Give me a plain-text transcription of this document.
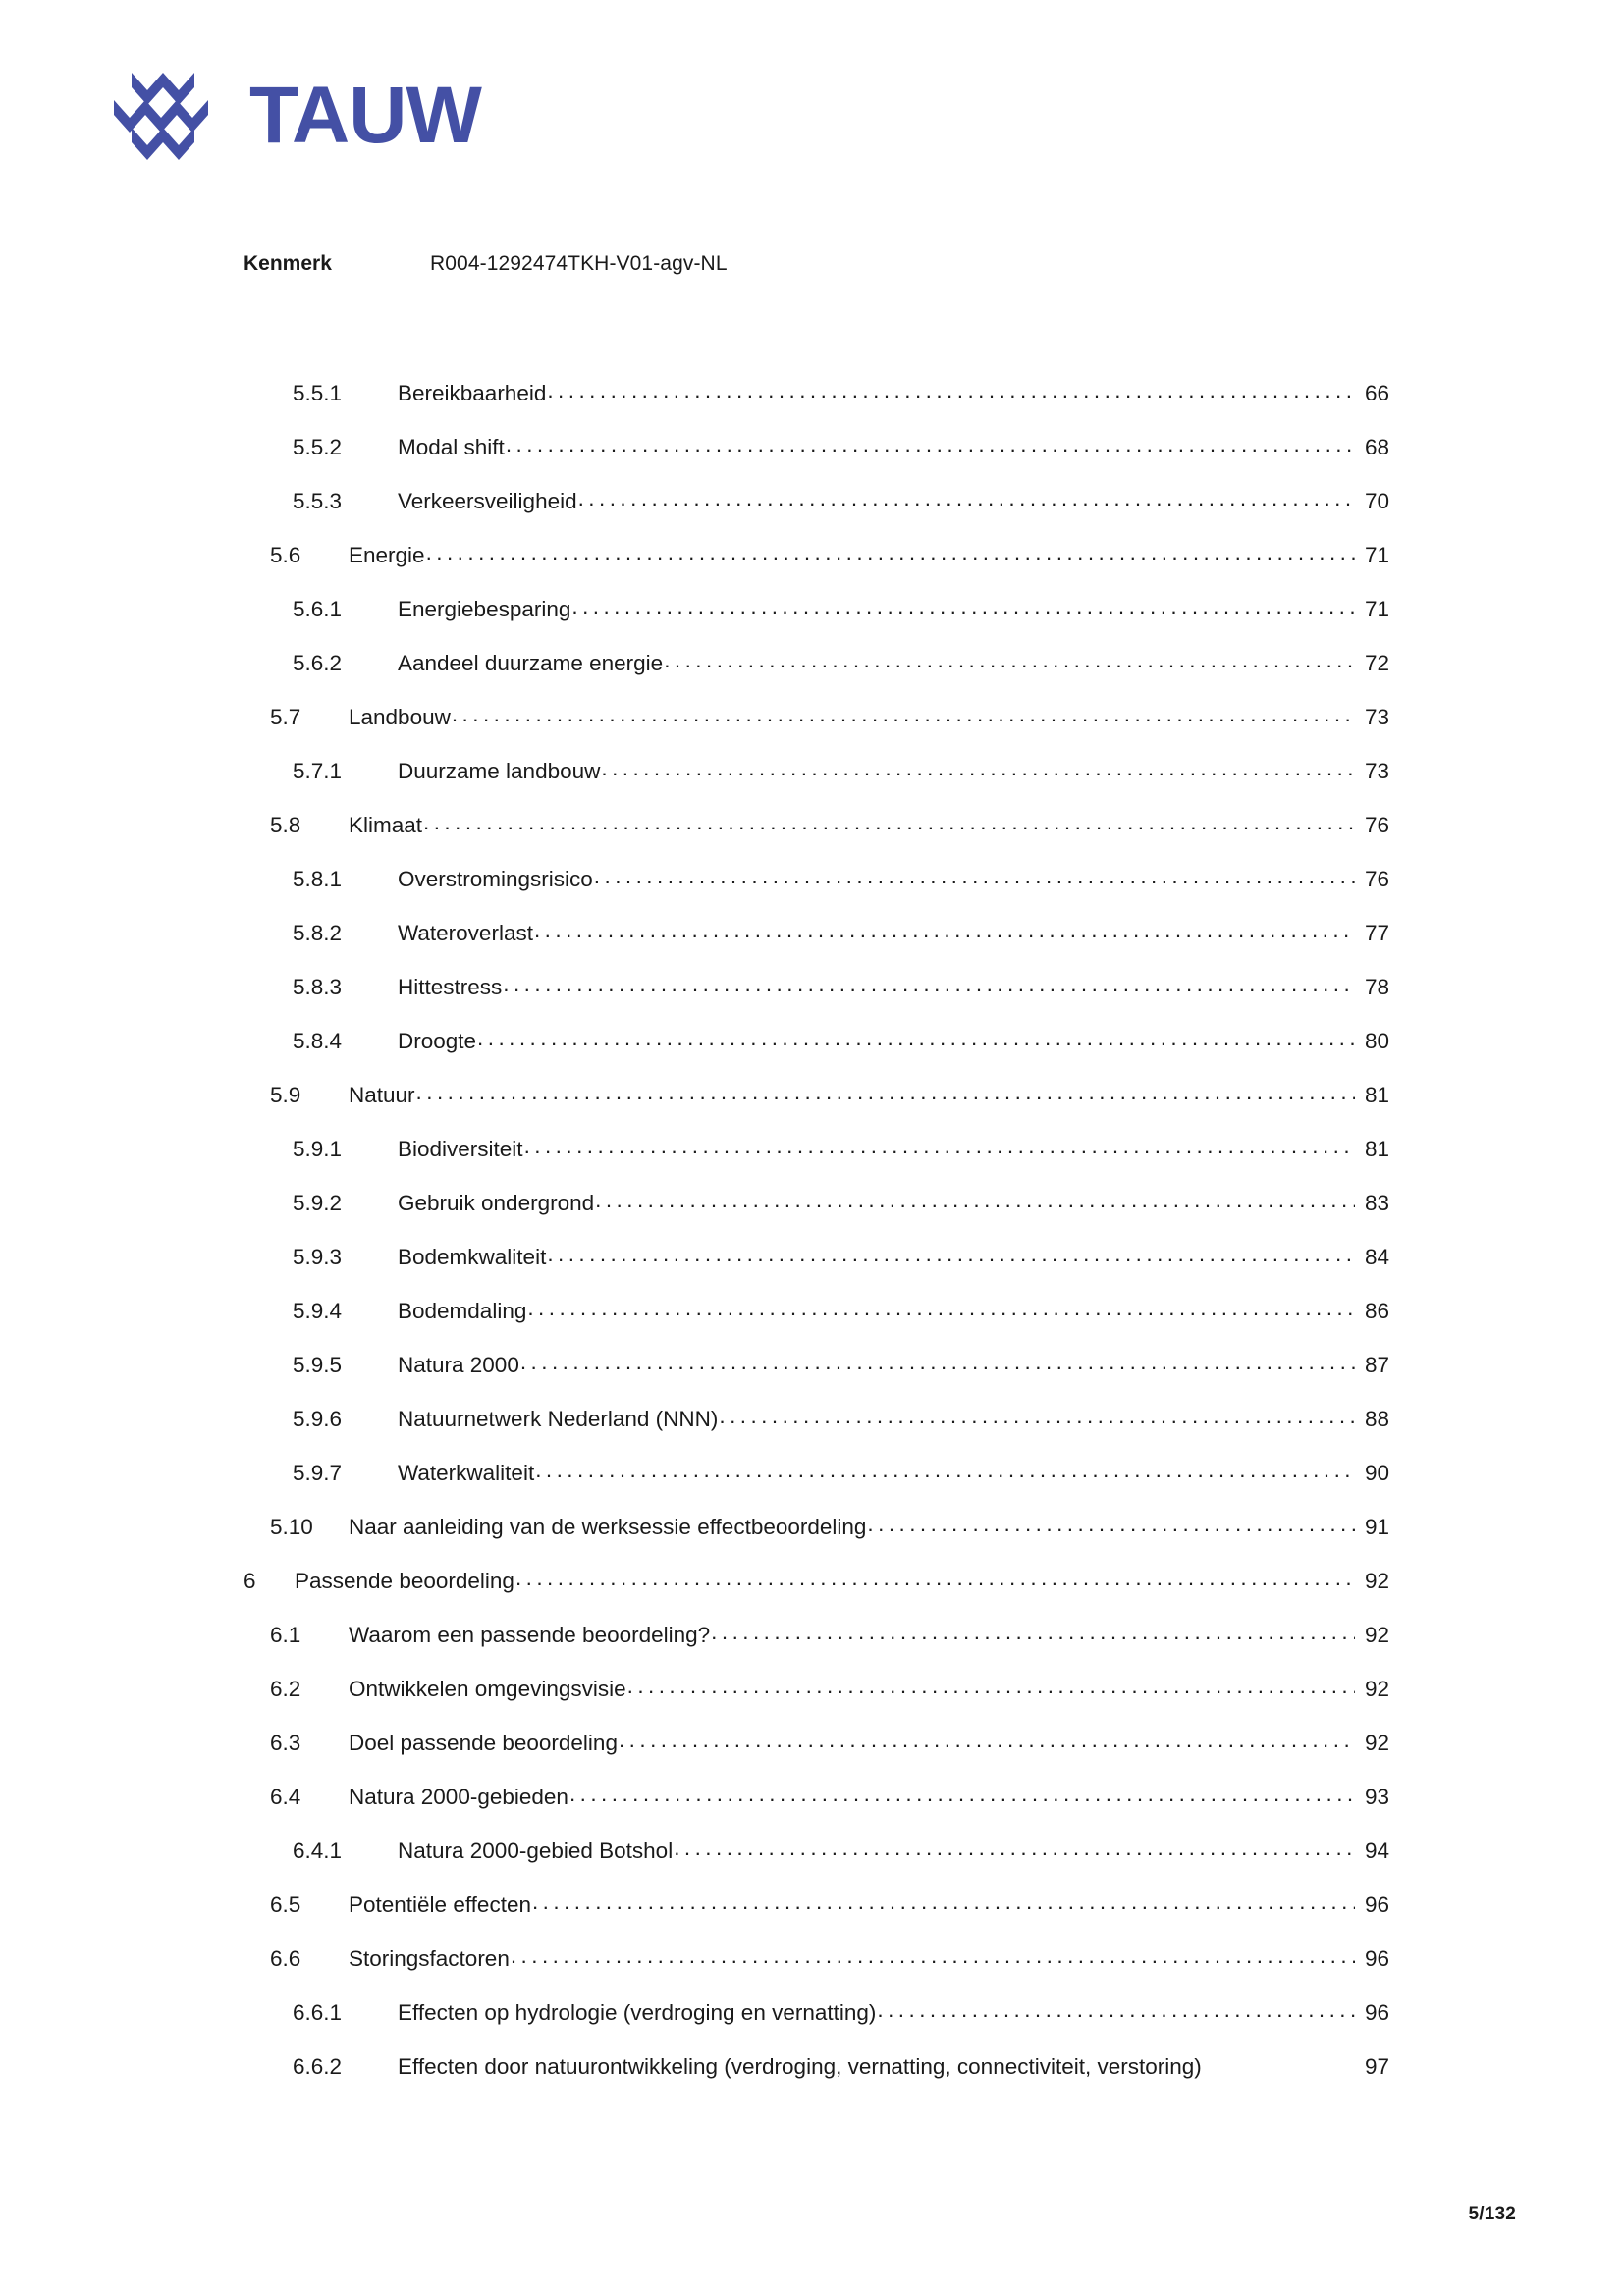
TAUW
Kenmerk	R004-1292474TKH-V01-agv-NL
5.5.1	Bereikbaarheid . . .	66
5.5.2	Modal shift . . .	68
5.5.3	Verkeersveiligheid . . .	70
5.6	Energie . . .	71
5.6.1	Energiebesparing . . .	71
5.6.2	Aandeel duurzame energie . . .	72
5.7	Landbouw . . .	73
5.7.1	Duurzame landbouw . . .	73
5.8	Klimaat . . .	76
5.8.1	Overstromingsrisico . . .	76
5.8.2	Wateroverlast . . .	77
5.8.3	Hittestress . . .	78
5.8.4	Droogte . . .	80
5.9	Natuur . . .	81
5.9.1	Biodiversiteit . . .	81
5.9.2	Gebruik ondergrond . . .	83
5.9.3	Bodemkwaliteit . . .	84
5.9.4	Bodemdaling . . .	86
5.9.5	Natura 2000 . . .	87
5.9.6	Natuurnetwerk Nederland (NNN) . . .	88
5.9.7	Waterkwaliteit . . .	90
5.10	Naar aanleiding van de werksessie effectbeoordeling . . .	91
6	Passende beoordeling . . .	92
6.1	Waarom een passende beoordeling? . . .	92
6.2	Ontwikkelen omgevingsvisie . . .	92
6.3	Doel passende beoordeling . . .	92
6.4	Natura 2000-gebieden . . .	93
6.4.1	Natura 2000-gebied Botshol . . .	94
6.5	Potentiële effecten . . .	96
6.6	Storingsfactoren . . .	96
6.6.1	Effecten op hydrologie (verdroging en vernatting) . . .	96
6.6.2	Effecten door natuurontwikkeling (verdroging, vernatting, connectiviteit, verstoring)	97
5/132
